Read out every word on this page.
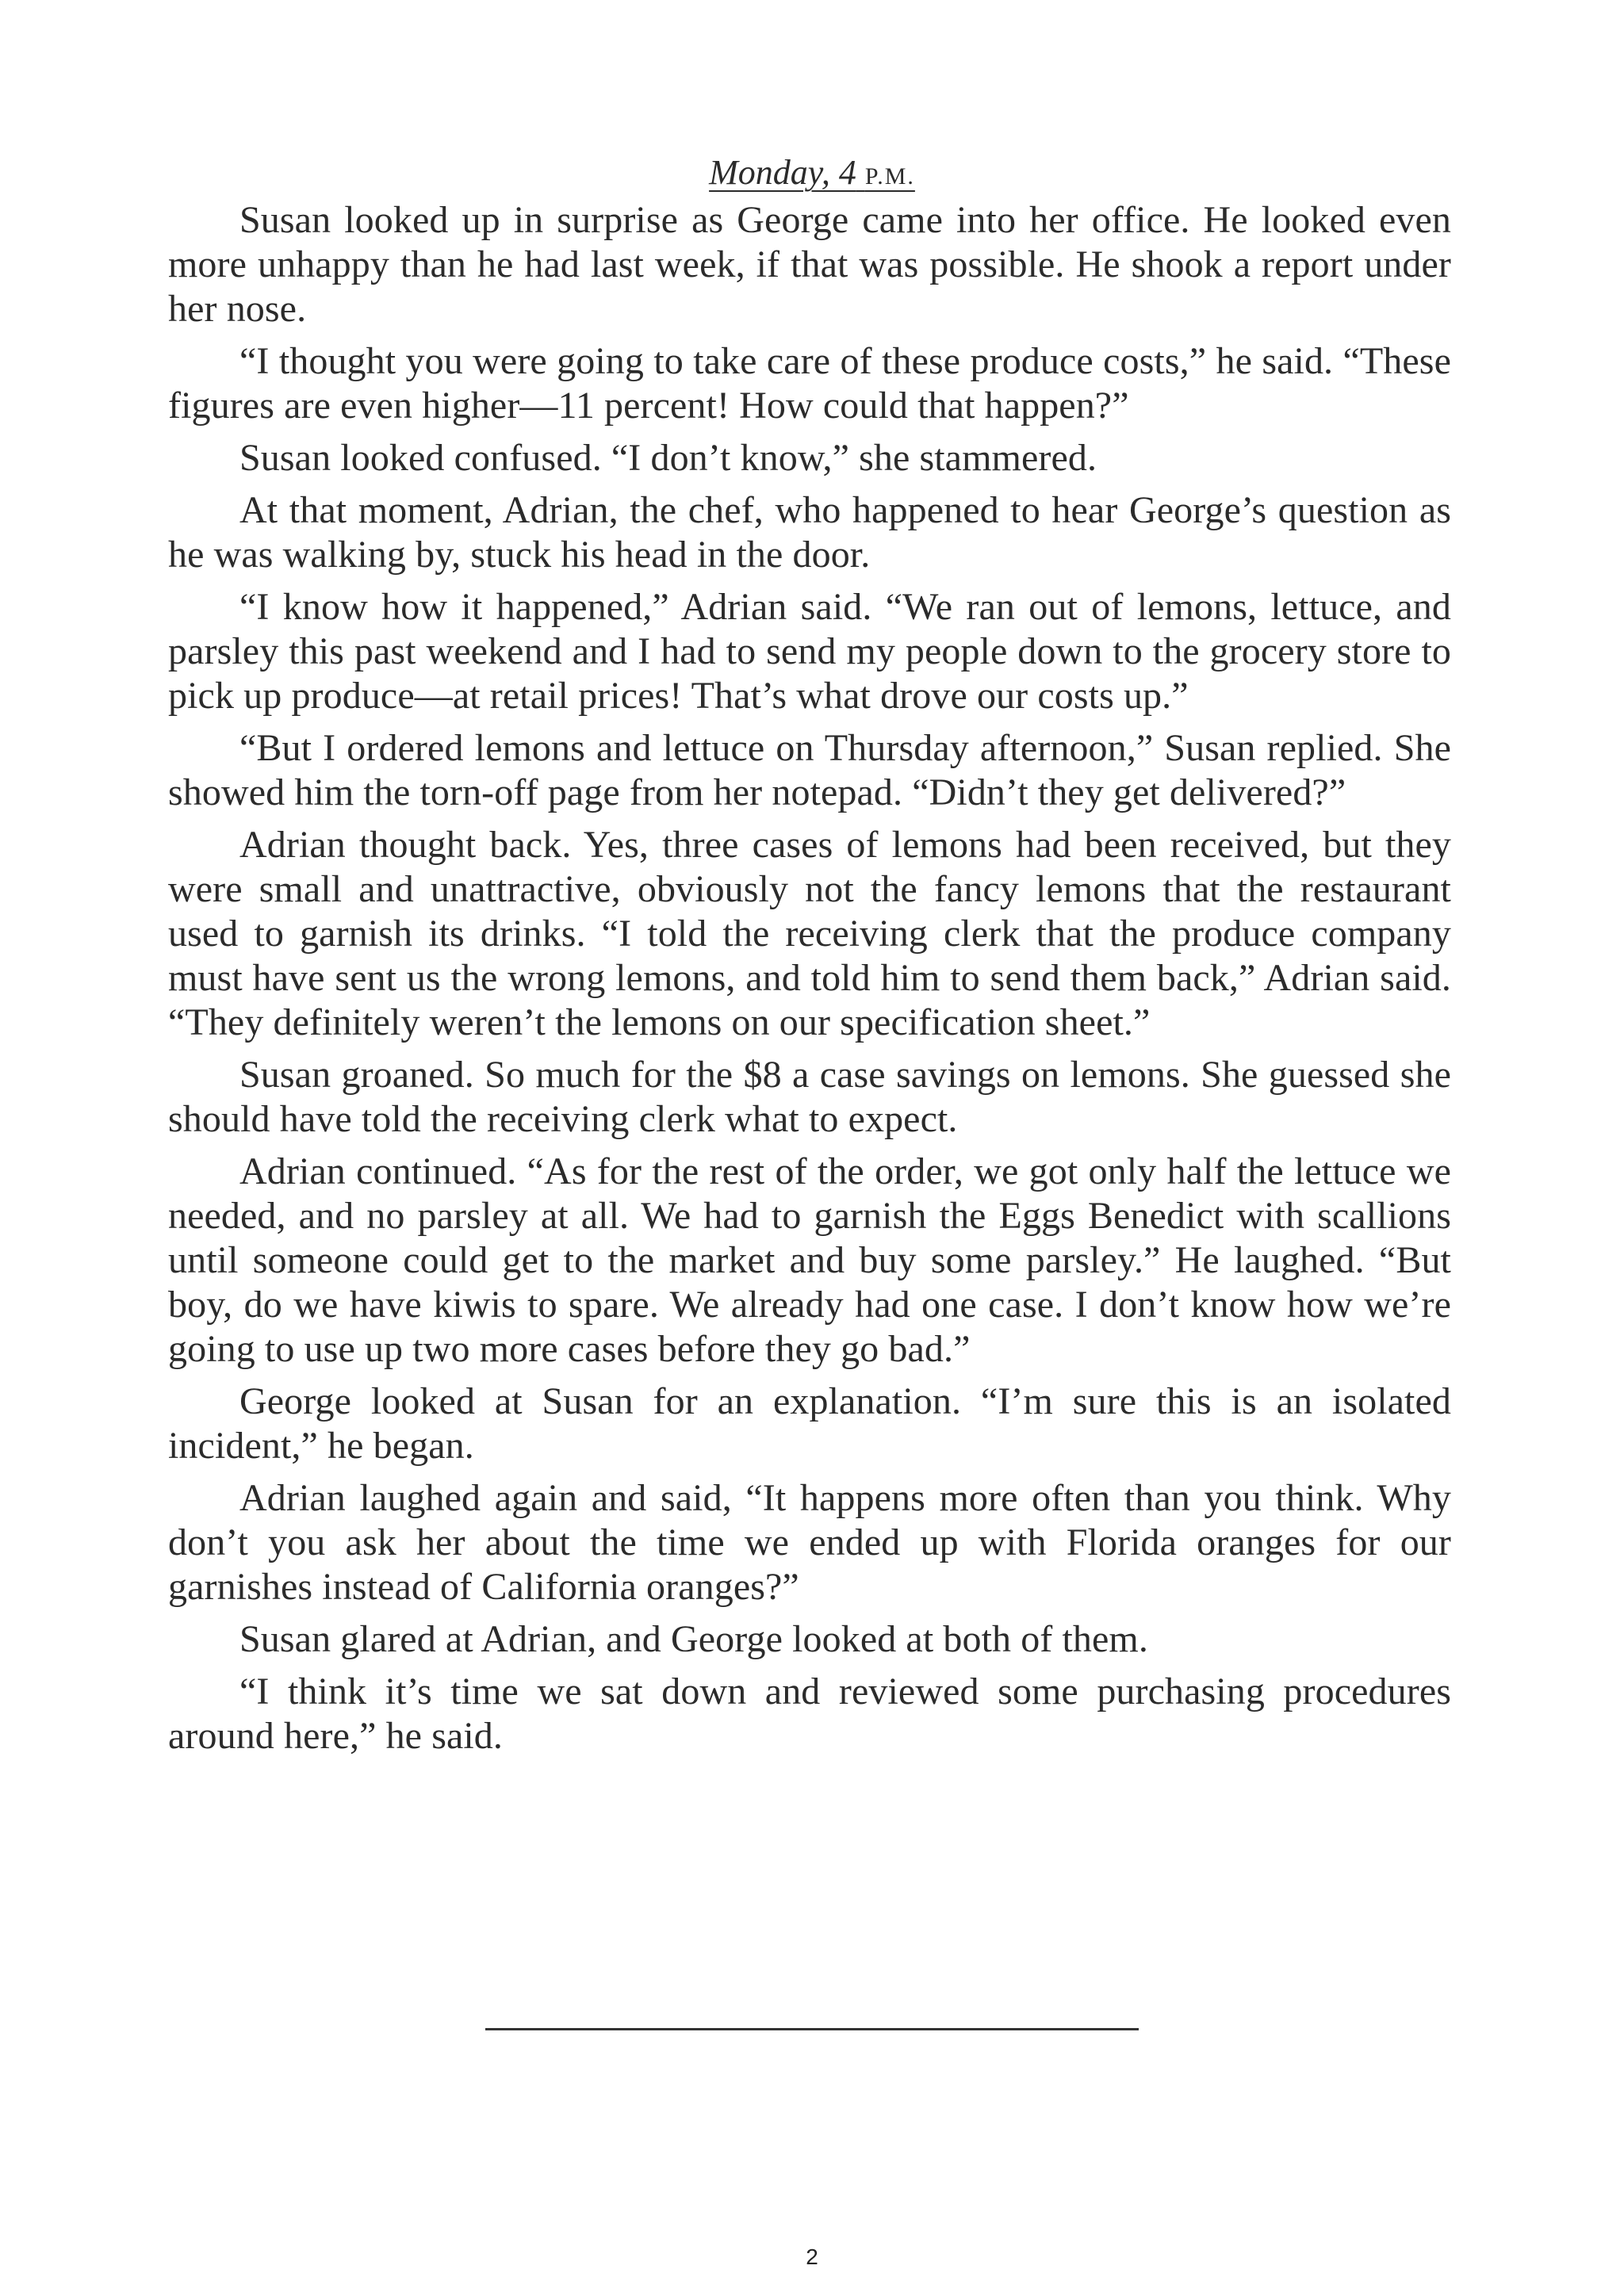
Monday, 4 P.M.

Susan looked up in surprise as George came into her office. He looked even more unhappy than he had last week, if that was possible. He shook a report under her nose.

“I thought you were going to take care of these produce costs,” he said. “These figures are even higher—11 percent! How could that happen?”

Susan looked confused. “I don’t know,” she stammered.

At that moment, Adrian, the chef, who happened to hear George’s question as he was walking by, stuck his head in the door.

“I know how it happened,” Adrian said. “We ran out of lemons, lettuce, and parsley this past weekend and I had to send my people down to the grocery store to pick up produce—at retail prices! That’s what drove our costs up.”

“But I ordered lemons and lettuce on Thursday afternoon,” Susan replied. She showed him the torn-off page from her notepad. “Didn’t they get delivered?”

Adrian thought back. Yes, three cases of lemons had been received, but they were small and unattractive, obviously not the fancy lemons that the restaurant used to garnish its drinks. “I told the receiving clerk that the produce company must have sent us the wrong lemons, and told him to send them back,” Adrian said. “They definitely weren’t the lemons on our specification sheet.”

Susan groaned. So much for the $8 a case savings on lemons. She guessed she should have told the receiving clerk what to expect.

Adrian continued. “As for the rest of the order, we got only half the lettuce we needed, and no parsley at all. We had to garnish the Eggs Benedict with scallions until someone could get to the market and buy some parsley.” He laughed. “But boy, do we have kiwis to spare. We already had one case. I don’t know how we’re going to use up two more cases before they go bad.”

George looked at Susan for an explanation. “I’m sure this is an isolated incident,” he began.

Adrian laughed again and said, “It happens more often than you think. Why don’t you ask her about the time we ended up with Florida oranges for our garnishes instead of California oranges?”

Susan glared at Adrian, and George looked at both of them.

“I think it’s time we sat down and reviewed some purchasing procedures around here,” he said.

2
